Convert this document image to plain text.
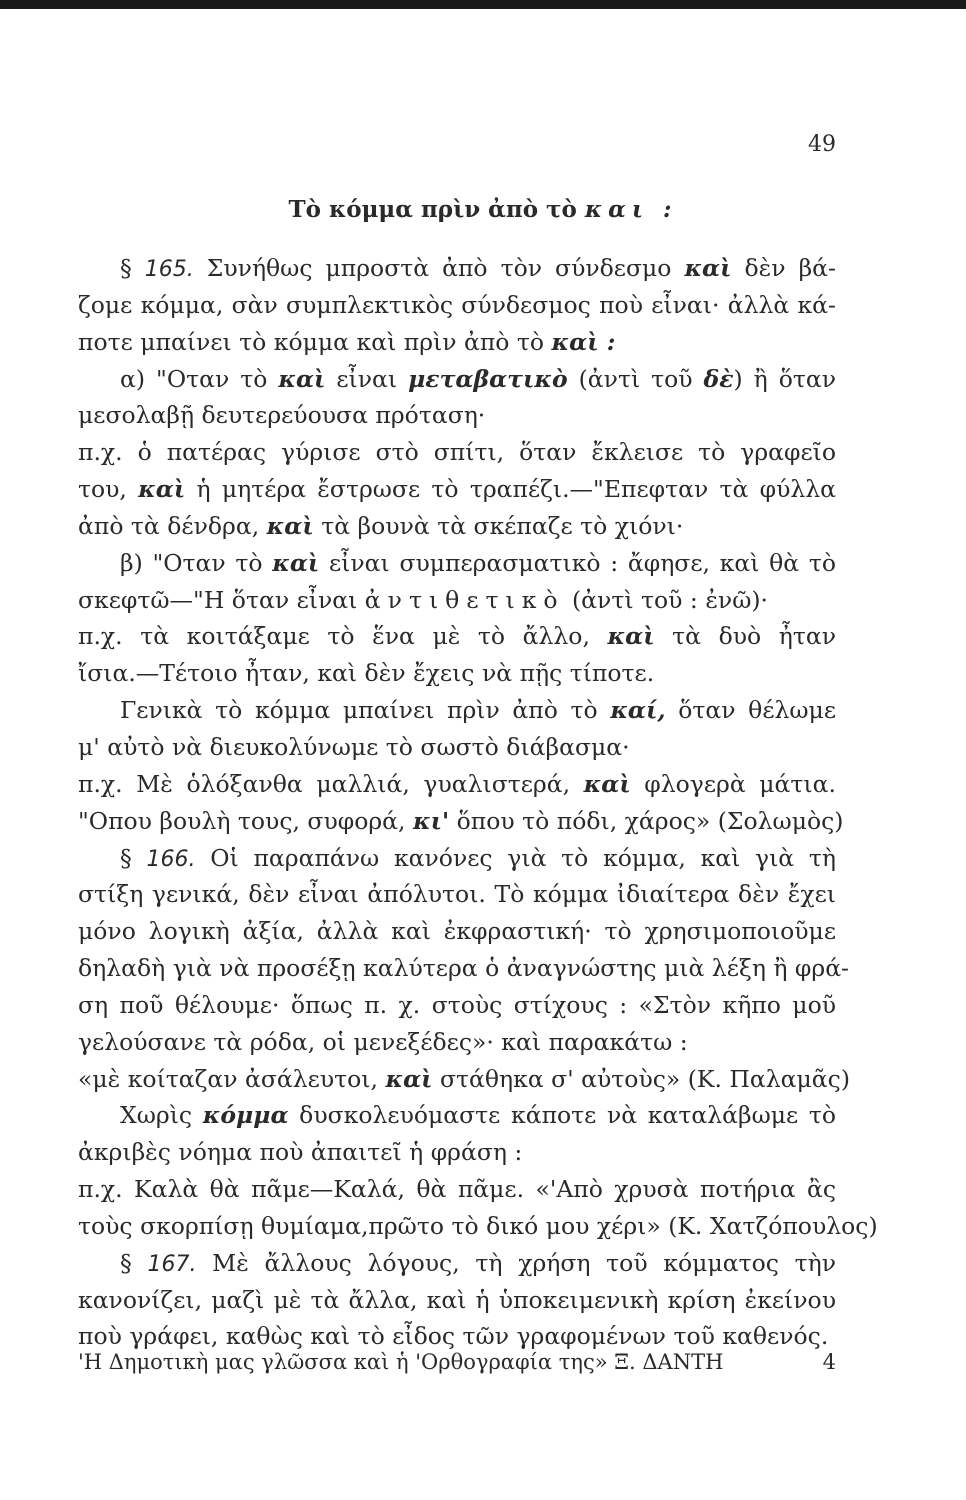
49
Τὸ κόμμα πρὶν ἀπὸ τὸ και :
§ 165. Συνήθως μπροστὰ ἀπὸ τὸν σύνδεσμο καὶ δὲν βά-
ζομε κόμμα, σὰν συμπλεκτικὸς σύνδεσμος ποὺ εἶναι· ἀλλὰ κά-
ποτε μπαίνει τὸ κόμμα καὶ πρὶν ἀπὸ τὸ καὶ :
α) "Οταν τὸ καὶ εἶναι μεταβατικὸ (ἀντὶ τοῦ δὲ) ἢ ὅταν
μεσολαβῇ δευτερεύουσα πρόταση·
π.χ. ὁ πατέρας γύρισε στὸ σπίτι, ὅταν ἔκλεισε τὸ γραφεῖο
του, καὶ ἡ μητέρα ἔστρωσε τὸ τραπέζι.—"Επεφταν τὰ φύλλα
ἀπὸ τὰ δένδρα, καὶ τὰ βουνὰ τὰ σκέπαζε τὸ χιόνι·
β) "Οταν τὸ καὶ εἶναι συμπερασματικὸ : ἄφησε, καὶ θὰ τὸ
σκεφτῶ—"Η ὅταν εἶναι ἀντιθετικὸ (ἀντὶ τοῦ : ἐνῶ)·
π.χ. τὰ κοιτάξαμε τὸ ἕνα μὲ τὸ ἄλλο, καὶ τὰ δυὸ ἦταν
ἴσια.—Τέτοιο ἦταν, καὶ δὲν ἔχεις νὰ πῇς τίποτε.
Γενικὰ τὸ κόμμα μπαίνει πρὶν ἀπὸ τὸ καί, ὅταν θέλωμε
μ' αὐτὸ νὰ διευκολύνωμε τὸ σωστὸ διάβασμα·
π.χ. Μὲ ὁλόξανθα μαλλιά, γυαλιστερά, καὶ φλογερὰ μάτια.
"Οπου βουλὴ τους, συφορά, κι' ὅπου τὸ πόδι, χάρος» (Σολωμὸς)
§ 166. Οἱ παραπάνω κανόνες γιὰ τὸ κόμμα, καὶ γιὰ τὴ
στίξη γενικά, δὲν εἶναι ἀπόλυτοι. Τὸ κόμμα ἰδιαίτερα δὲν ἔχει
μόνο λογικὴ ἀξία, ἀλλὰ καὶ ἐκφραστική· τὸ χρησιμοποιοῦμε
δηλαδὴ γιὰ νὰ προσέξῃ καλύτερα ὁ ἀναγνώστης μιὰ λέξη ἢ φρά-
ση ποῦ θέλουμε· ὅπως π. χ. στοὺς στίχους : «Στὸν κῆπο μοῦ
γελούσανε τὰ ρόδα, οἱ μενεξέδες»· καὶ παρακάτω :
«μὲ κοίταζαν ἀσάλευτοι, καὶ στάθηκα σ' αὐτοὺς» (Κ. Παλαμᾶς)
Χωρὶς κόμμα δυσκολευόμαστε κάποτε νὰ καταλάβωμε τὸ
ἀκριβὲς νόημα ποὺ ἀπαιτεῖ ἡ φράση :
π.χ. Καλὰ θὰ πᾶμε—Καλά, θὰ πᾶμε. «'Απὸ χρυσὰ ποτήρια ἂς
τοὺς σκορπίσῃ θυμίαμα,πρῶτο τὸ δικό μου χέρι» (Κ. Χατζόπουλος)
§ 167. Μὲ ἄλλους λόγους, τὴ χρήση τοῦ κόμματος τὴν
κανονίζει, μαζὶ μὲ τὰ ἄλλα, καὶ ἡ ὑποκειμενικὴ κρίση ἐκείνου
ποὺ γράφει, καθὼς καὶ τὸ εἶδος τῶν γραφομένων τοῦ καθενός.
'Η Δημοτικὴ μας γλῶσσα καὶ ἡ 'Ορθογραφία της» Ξ. ΔΑΝΤΗ	4
